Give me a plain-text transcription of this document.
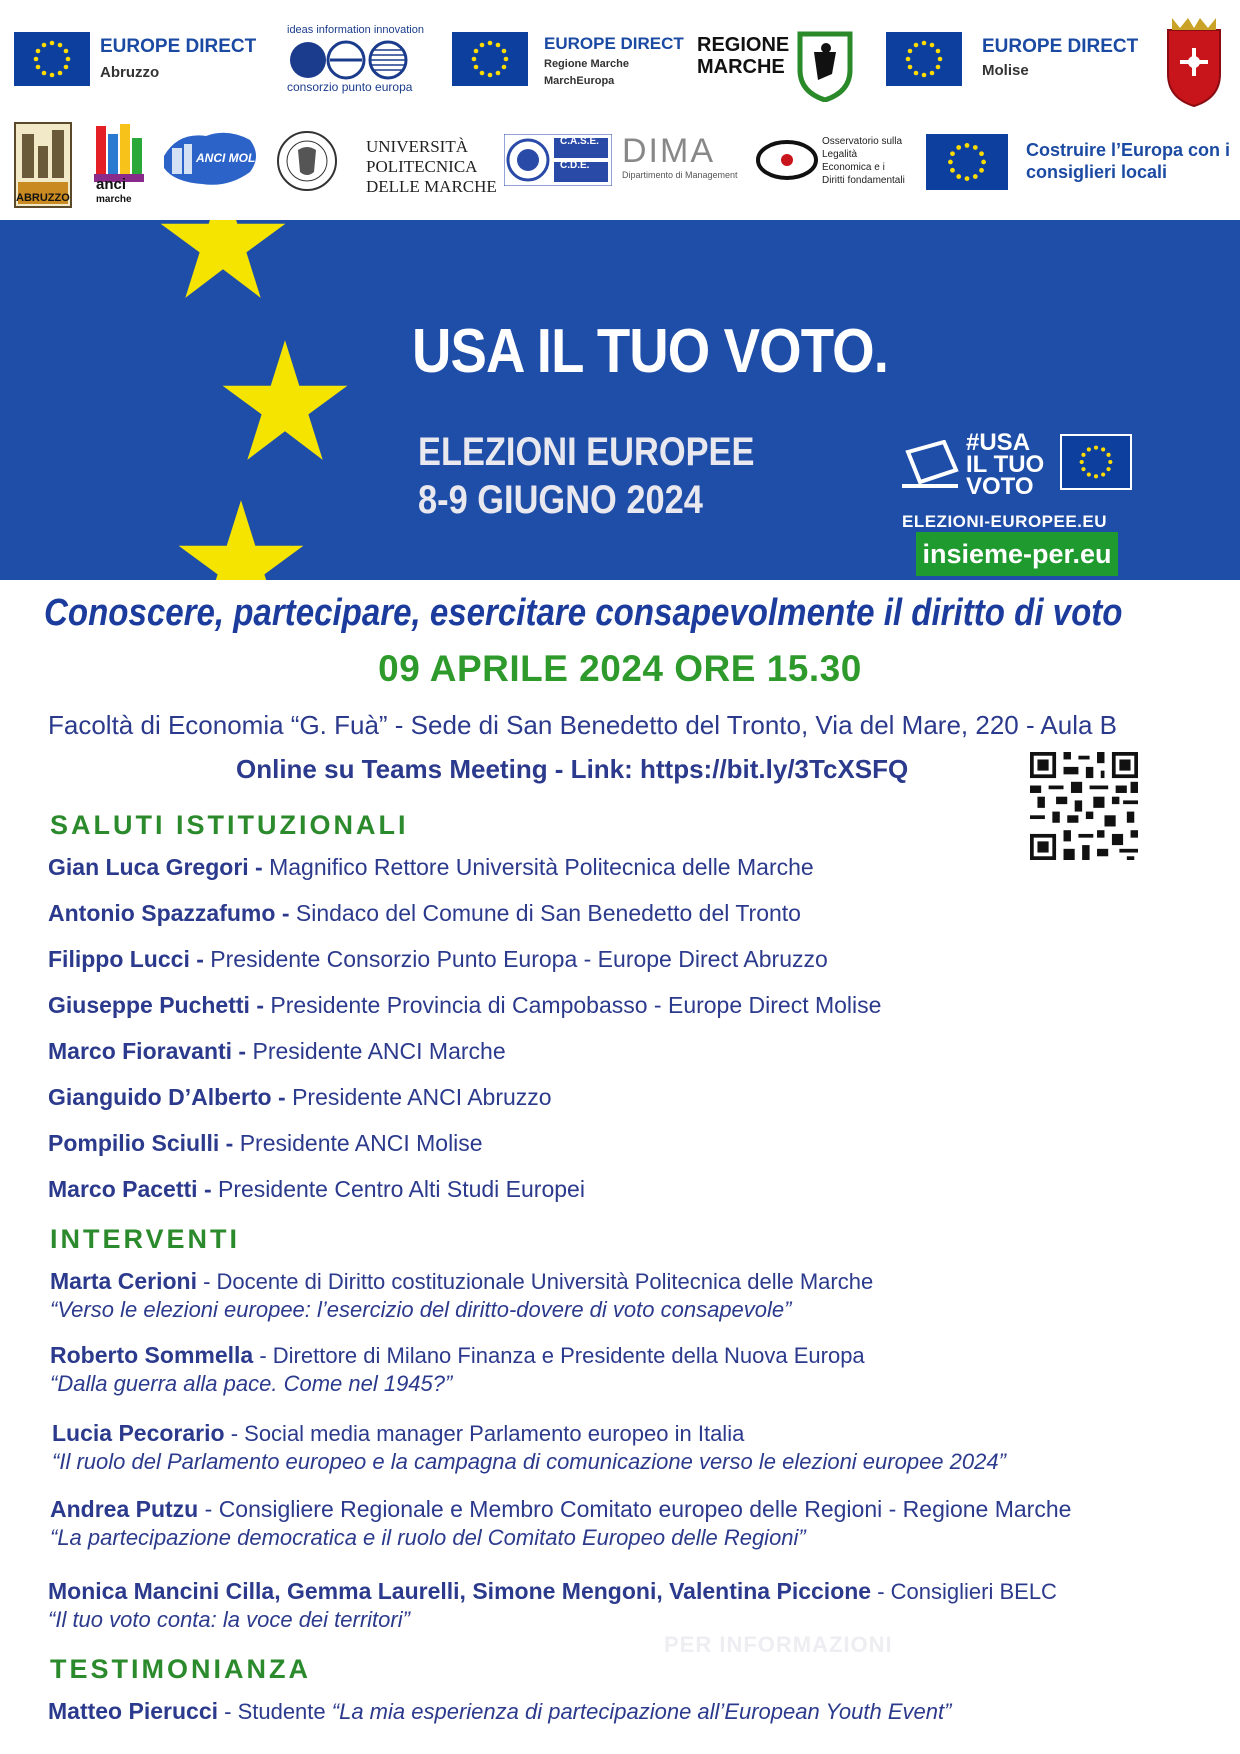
EUROPE DIRECT
Abruzzo
ideas information innovation
consorzio punto europa
EUROPE DIRECT
Regione Marche
MarchEuropa
REGIONE
MARCHE
EUROPE DIRECT
Molise
ABRUZZO
anci
marche
ANCI MOLISE
UNIVERSITÀ
POLITECNICA
DELLE MARCHE
C.A.S.E.
C.D.E. DIMA
Dipartimento di Management
Osservatorio sulla
Legalità
Economica e i
Diritti fondamentali
Costruire l’Europa con i
consiglieri locali
USA IL TUO VOTO.
ELEZIONI EUROPEE
8-9 GIUGNO 2024
#USA
IL TUO
VOTO
ELEZIONI-EUROPEE.EU
insieme-per.eu
Conoscere, partecipare, esercitare consapevolmente il diritto di voto
09 APRILE 2024 ORE 15.30
Facoltà di Economia “G. Fuà” - Sede di San Benedetto del Tronto, Via del Mare, 220 - Aula B
Online su Teams Meeting - Link: https://bit.ly/3TcXSFQ
SALUTI ISTITUZIONALI
Gian Luca Gregori - Magnifico Rettore Università Politecnica delle Marche
Antonio Spazzafumo - Sindaco del Comune di San Benedetto del Tronto
Filippo Lucci - Presidente Consorzio Punto Europa - Europe Direct Abruzzo
Giuseppe Puchetti - Presidente Provincia di Campobasso - Europe Direct Molise
Marco Fioravanti - Presidente ANCI Marche
Gianguido D’Alberto - Presidente ANCI Abruzzo
Pompilio Sciulli - Presidente ANCI Molise
Marco Pacetti - Presidente Centro Alti Studi Europei
INTERVENTI
Marta Cerioni - Docente di Diritto costituzionale Università Politecnica delle Marche
“Verso le elezioni europee: l’esercizio del diritto-dovere di voto consapevole”
Roberto Sommella - Direttore di Milano Finanza e Presidente della Nuova Europa
“Dalla guerra alla pace. Come nel 1945?”
Lucia Pecorario - Social media manager Parlamento europeo in Italia
“Il ruolo del Parlamento europeo e la campagna di comunicazione verso le elezioni europee 2024”
Andrea Putzu - Consigliere Regionale e Membro Comitato europeo delle Regioni - Regione Marche
“La partecipazione democratica e il ruolo del Comitato Europeo delle Regioni”
Monica Mancini Cilla, Gemma Laurelli, Simone Mengoni, Valentina Piccione - Consiglieri BELC
“Il tuo voto conta: la voce dei territori”
PER INFORMAZIONI
TESTIMONIANZA
Matteo Pierucci - Studente “La mia esperienza di partecipazione all’European Youth Event”
